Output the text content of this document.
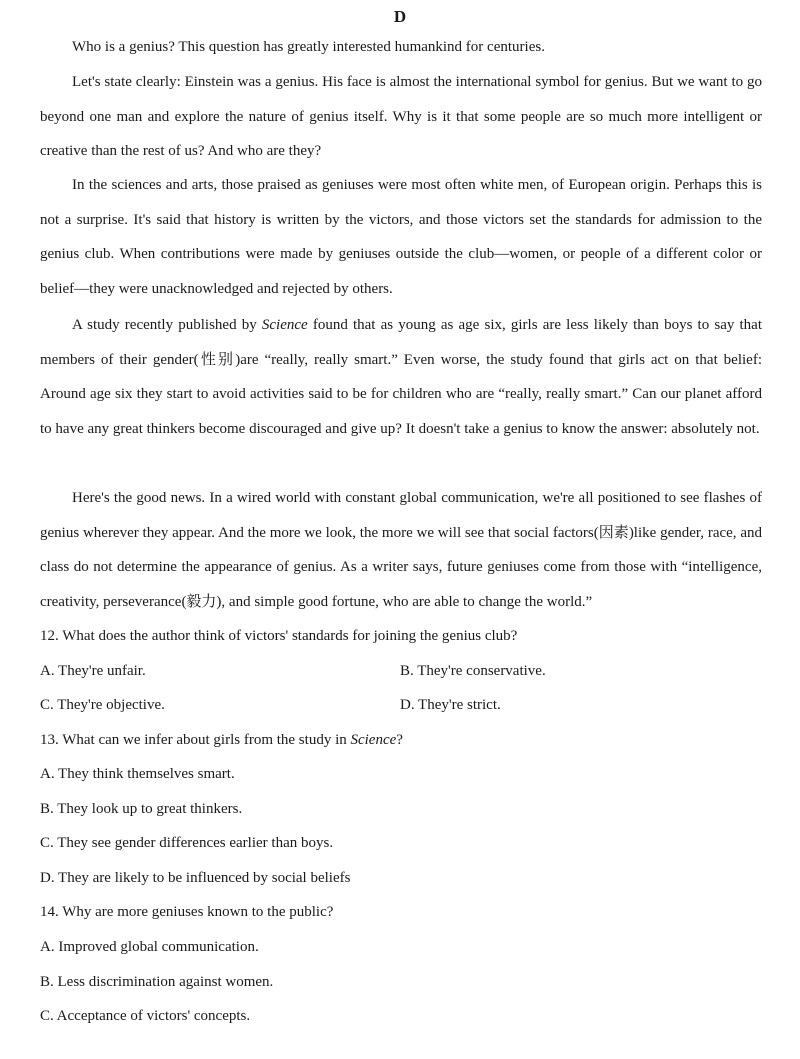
D

Who is a genius? This question has greatly interested humankind for centuries.

Let's state clearly: Einstein was a genius. His face is almost the international symbol for genius. But we want to go beyond one man and explore the nature of genius itself. Why is it that some people are so much more intelligent or creative than the rest of us? And who are they?

In the sciences and arts, those praised as geniuses were most often white men, of European origin. Perhaps this is not a surprise. It's said that history is written by the victors, and those victors set the standards for admission to the genius club. When contributions were made by geniuses outside the club—women, or people of a different color or belief—they were unacknowledged and rejected by others.

A study recently published by Science found that as young as age six, girls are less likely than boys to say that members of their gender(性别)are “really, really smart.” Even worse, the study found that girls act on that belief: Around age six they start to avoid activities said to be for children who are “really, really smart.” Can our planet afford to have any great thinkers become discouraged and give up? It doesn't take a genius to know the answer: absolutely not.

Here's the good news. In a wired world with constant global communication, we're all positioned to see flashes of genius wherever they appear. And the more we look, the more we will see that social factors(因素)like gender, race, and class do not determine the appearance of genius. As a writer says, future geniuses come from those with “intelligence, creativity, perseverance(毅力), and simple good fortune, who are able to change the world.”

12. What does the author think of victors' standards for joining the genius club?

A. They're unfair.	B. They're conservative.

C. They're objective.	D. They're strict.

13. What can we infer about girls from the study in Science?

A. They think themselves smart.

B. They look up to great thinkers.

C. They see gender differences earlier than boys.

D. They are likely to be influenced by social beliefs

14. Why are more geniuses known to the public?

A. Improved global communication.

B. Less discrimination against women.

C. Acceptance of victors' concepts.
